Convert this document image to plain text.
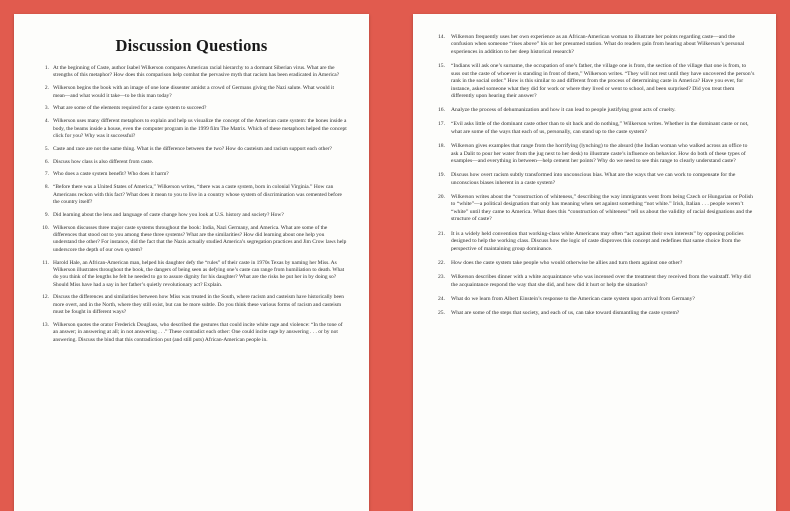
Discussion Questions
1. At the beginning of Caste, author Isabel Wilkerson compares American racial hierarchy to a dormant Siberian virus. What are the strengths of this metaphor? How does this comparison help combat the pervasive myth that racism has been eradicated in America?
2. Wilkerson begins the book with an image of one lone dissenter amidst a crowd of Germans giving the Nazi salute. What would it mean—and what would it take—to be this man today?
3. What are some of the elements required for a caste system to succeed?
4. Wilkerson uses many different metaphors to explain and help us visualize the concept of the American caste system: the bones inside a body, the beams inside a house, even the computer program in the 1999 film The Matrix. Which of these metaphors helped the concept click for you? Why was it successful?
5. Caste and race are not the same thing. What is the difference between the two? How do casteism and racism support each other?
6. Discuss how class is also different from caste.
7. Who does a caste system benefit? Who does it harm?
8. “Before there was a United States of America,” Wilkerson writes, “there was a caste system, born in colonial Virginia.” How can Americans reckon with this fact? What does it mean to you to live in a country whose system of discrimination was cemented before the country itself?
9. Did learning about the lens and language of caste change how you look at U.S. history and society? How?
10. Wilkerson discusses three major caste systems throughout the book: India, Nazi Germany, and America. What are some of the differences that stood out to you among these three systems? What are the similarities? How did learning about one help you understand the other? For instance, did the fact that the Nazis actually studied America’s segregation practices and Jim Crow laws help underscore the depth of our own system?
11. Harold Hale, an African-American man, helped his daughter defy the “rules” of their caste in 1970s Texas by naming her Miss. As Wilkerson illustrates throughout the book, the dangers of being seen as defying one’s caste can range from humiliation to death. What do you think of the lengths he felt he needed to go to assure dignity for his daughter? What are the risks he put her in by doing so? Should Miss have had a say in her father’s quietly revolutionary act? Explain.
12. Discuss the differences and similarities between how Miss was treated in the South, where racism and casteism have historically been more overt, and in the North, where they still exist, but can be more subtle. Do you think these various forms of racism and casteism must be fought in different ways?
13. Wilkerson quotes the orator Frederick Douglass, who described the gestures that could incite white rage and violence: “In the tone of an answer; in answering at all; in not answering . . .” These contradict each other: One could incite rage by answering . . . or by not answering. Discuss the bind that this contradiction put (and still puts) African-American people in.
14. Wilkerson frequently uses her own experience as an African-American woman to illustrate her points regarding caste—and the confusion when someone “rises above” his or her presumed station. What do readers gain from hearing about Wilkerson’s personal experiences in addition to her deep historical research?
15. “Indians will ask one’s surname, the occupation of one’s father, the village one is from, the section of the village that one is from, to suss out the caste of whoever is standing in front of them,” Wilkerson writes. “They will not rest until they have uncovered the person’s rank in the social order.” How is this similar to and different from the process of determining caste in America? Have you ever, for instance, asked someone what they did for work or where they lived or went to school, and been surprised? Did you treat them differently upon hearing their answer?
16. Analyze the process of dehumanization and how it can lead to people justifying great acts of cruelty.
17. “Evil asks little of the dominant caste other than to sit back and do nothing,” Wilkerson writes. Whether in the dominant caste or not, what are some of the ways that each of us, personally, can stand up to the caste system?
18. Wilkerson gives examples that range from the horrifying (lynching) to the absurd (the Indian woman who walked across an office to ask a Dalit to pour her water from the jug next to her desk) to illustrate caste’s influence on behavior. How do both of these types of examples—and everything in between—help cement her points? Why do we need to see this range to clearly understand caste?
19. Discuss how overt racism subtly transformed into unconscious bias. What are the ways that we can work to compensate for the unconscious biases inherent in a caste system?
20. Wilkerson writes about the “construction of whiteness,” describing the way immigrants went from being Czech or Hungarian or Polish to “white”—a political designation that only has meaning when set against something “not white.” Irish, Italian . . . people weren’t “white” until they came to America. What does this “construction of whiteness” tell us about the validity of racial designations and the structure of caste?
21. It is a widely held convention that working-class white Americans may often “act against their own interests” by opposing policies designed to help the working class. Discuss how the logic of caste disproves this concept and redefines that same choice from the perspective of maintaining group dominance.
22. How does the caste system take people who would otherwise be allies and turn them against one other?
23. Wilkerson describes dinner with a white acquaintance who was incensed over the treatment they received from the waitstaff. Why did the acquaintance respond the way that she did, and how did it hurt or help the situation?
24. What do we learn from Albert Einstein’s response to the American caste system upon arrival from Germany?
25. What are some of the steps that society, and each of us, can take toward dismantling the caste system?
